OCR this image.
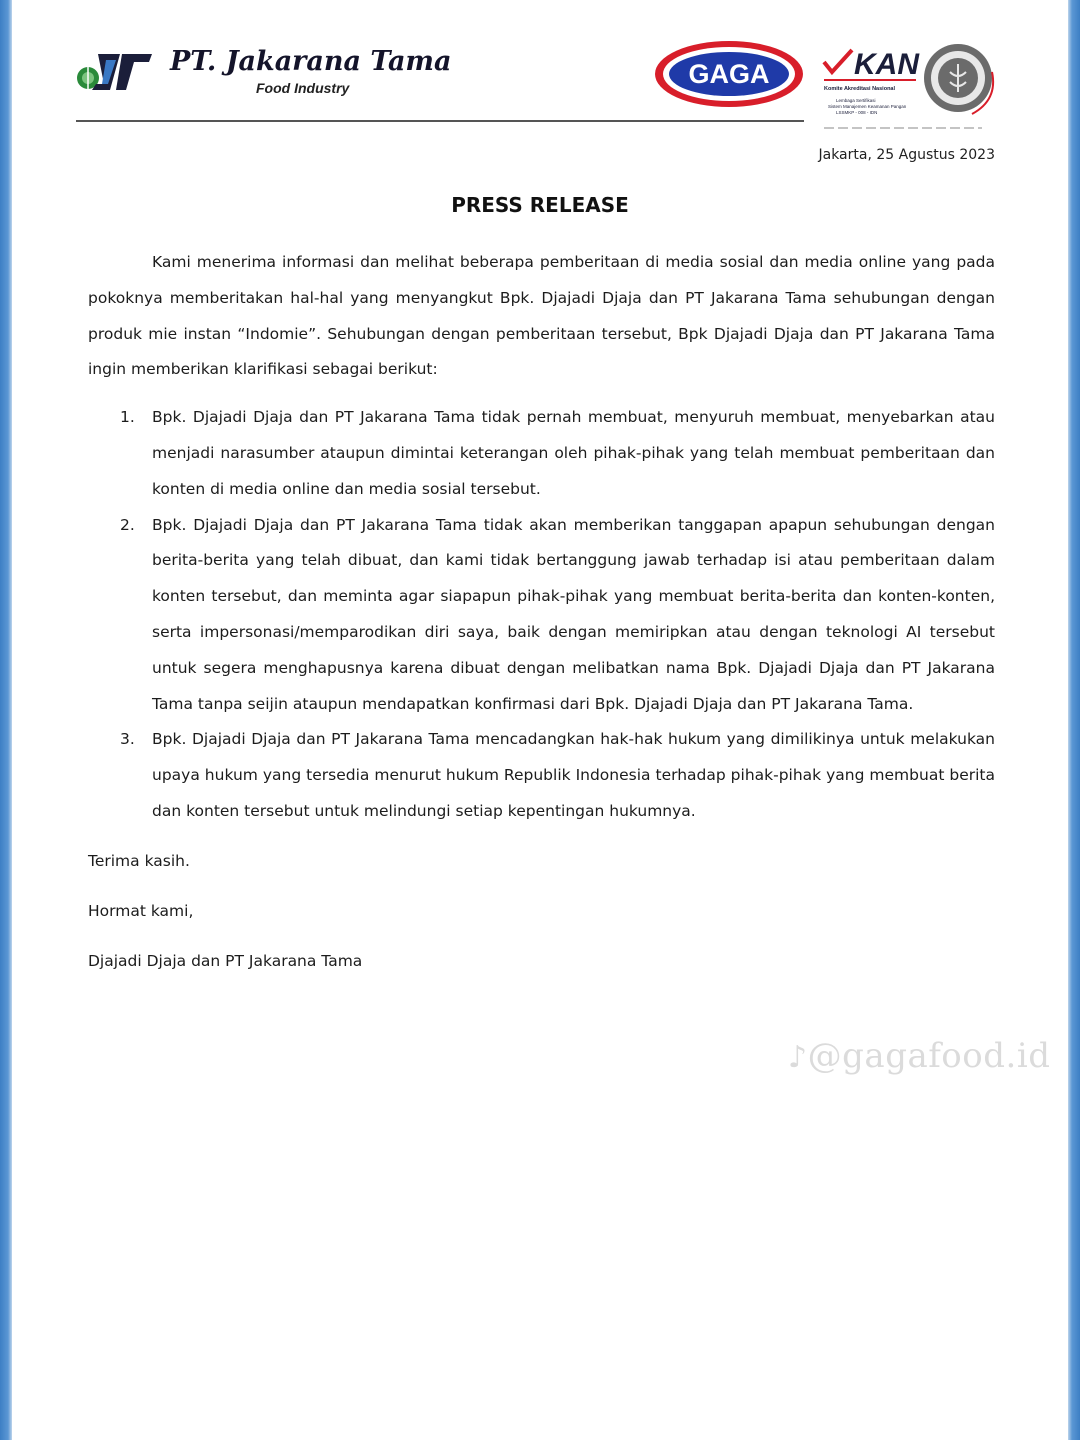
PT. Jakarana Tama
Food Industry	GAGA	KAN
Komite Akreditasi Nasional
Lembaga Sertifikasi
Sistem Manajemen Keamanan Pangan
LSSMKP - 008 - IDN
Jakarta, 25 Agustus 2023
PRESS RELEASE

Kami menerima informasi dan melihat beberapa pemberitaan di media sosial dan media online yang pada pokoknya memberitakan hal-hal yang menyangkut Bpk. Djajadi Djaja dan PT Jakarana Tama sehubungan dengan produk mie instan “Indomie”. Sehubungan dengan pemberitaan tersebut, Bpk Djajadi Djaja dan PT Jakarana Tama ingin memberikan klarifikasi sebagai berikut:

1. Bpk. Djajadi Djaja dan PT Jakarana Tama tidak pernah membuat, menyuruh membuat, menyebarkan atau menjadi narasumber ataupun dimintai keterangan oleh pihak-pihak yang telah membuat pemberitaan dan konten di media online dan media sosial tersebut.
2. Bpk. Djajadi Djaja dan PT Jakarana Tama tidak akan memberikan tanggapan apapun sehubungan dengan berita-berita yang telah dibuat, dan kami tidak bertanggung jawab terhadap isi atau pemberitaan dalam konten tersebut, dan meminta agar siapapun pihak-pihak yang membuat berita-berita dan konten-konten, serta impersonasi/memparodikan diri saya, baik dengan memiripkan atau dengan teknologi AI tersebut untuk segera menghapusnya karena dibuat dengan melibatkan nama Bpk. Djajadi Djaja dan PT Jakarana Tama tanpa seijin ataupun mendapatkan konfirmasi dari Bpk. Djajadi Djaja dan PT Jakarana Tama.
3. Bpk. Djajadi Djaja dan PT Jakarana Tama mencadangkan hak-hak hukum yang dimilikinya untuk melakukan upaya hukum yang tersedia menurut hukum Republik Indonesia terhadap pihak-pihak yang membuat berita dan konten tersebut untuk melindungi setiap kepentingan hukumnya.
Terima kasih.
Hormat kami,
Djajadi Djaja dan PT Jakarana Tama
♪@gagafood.id
